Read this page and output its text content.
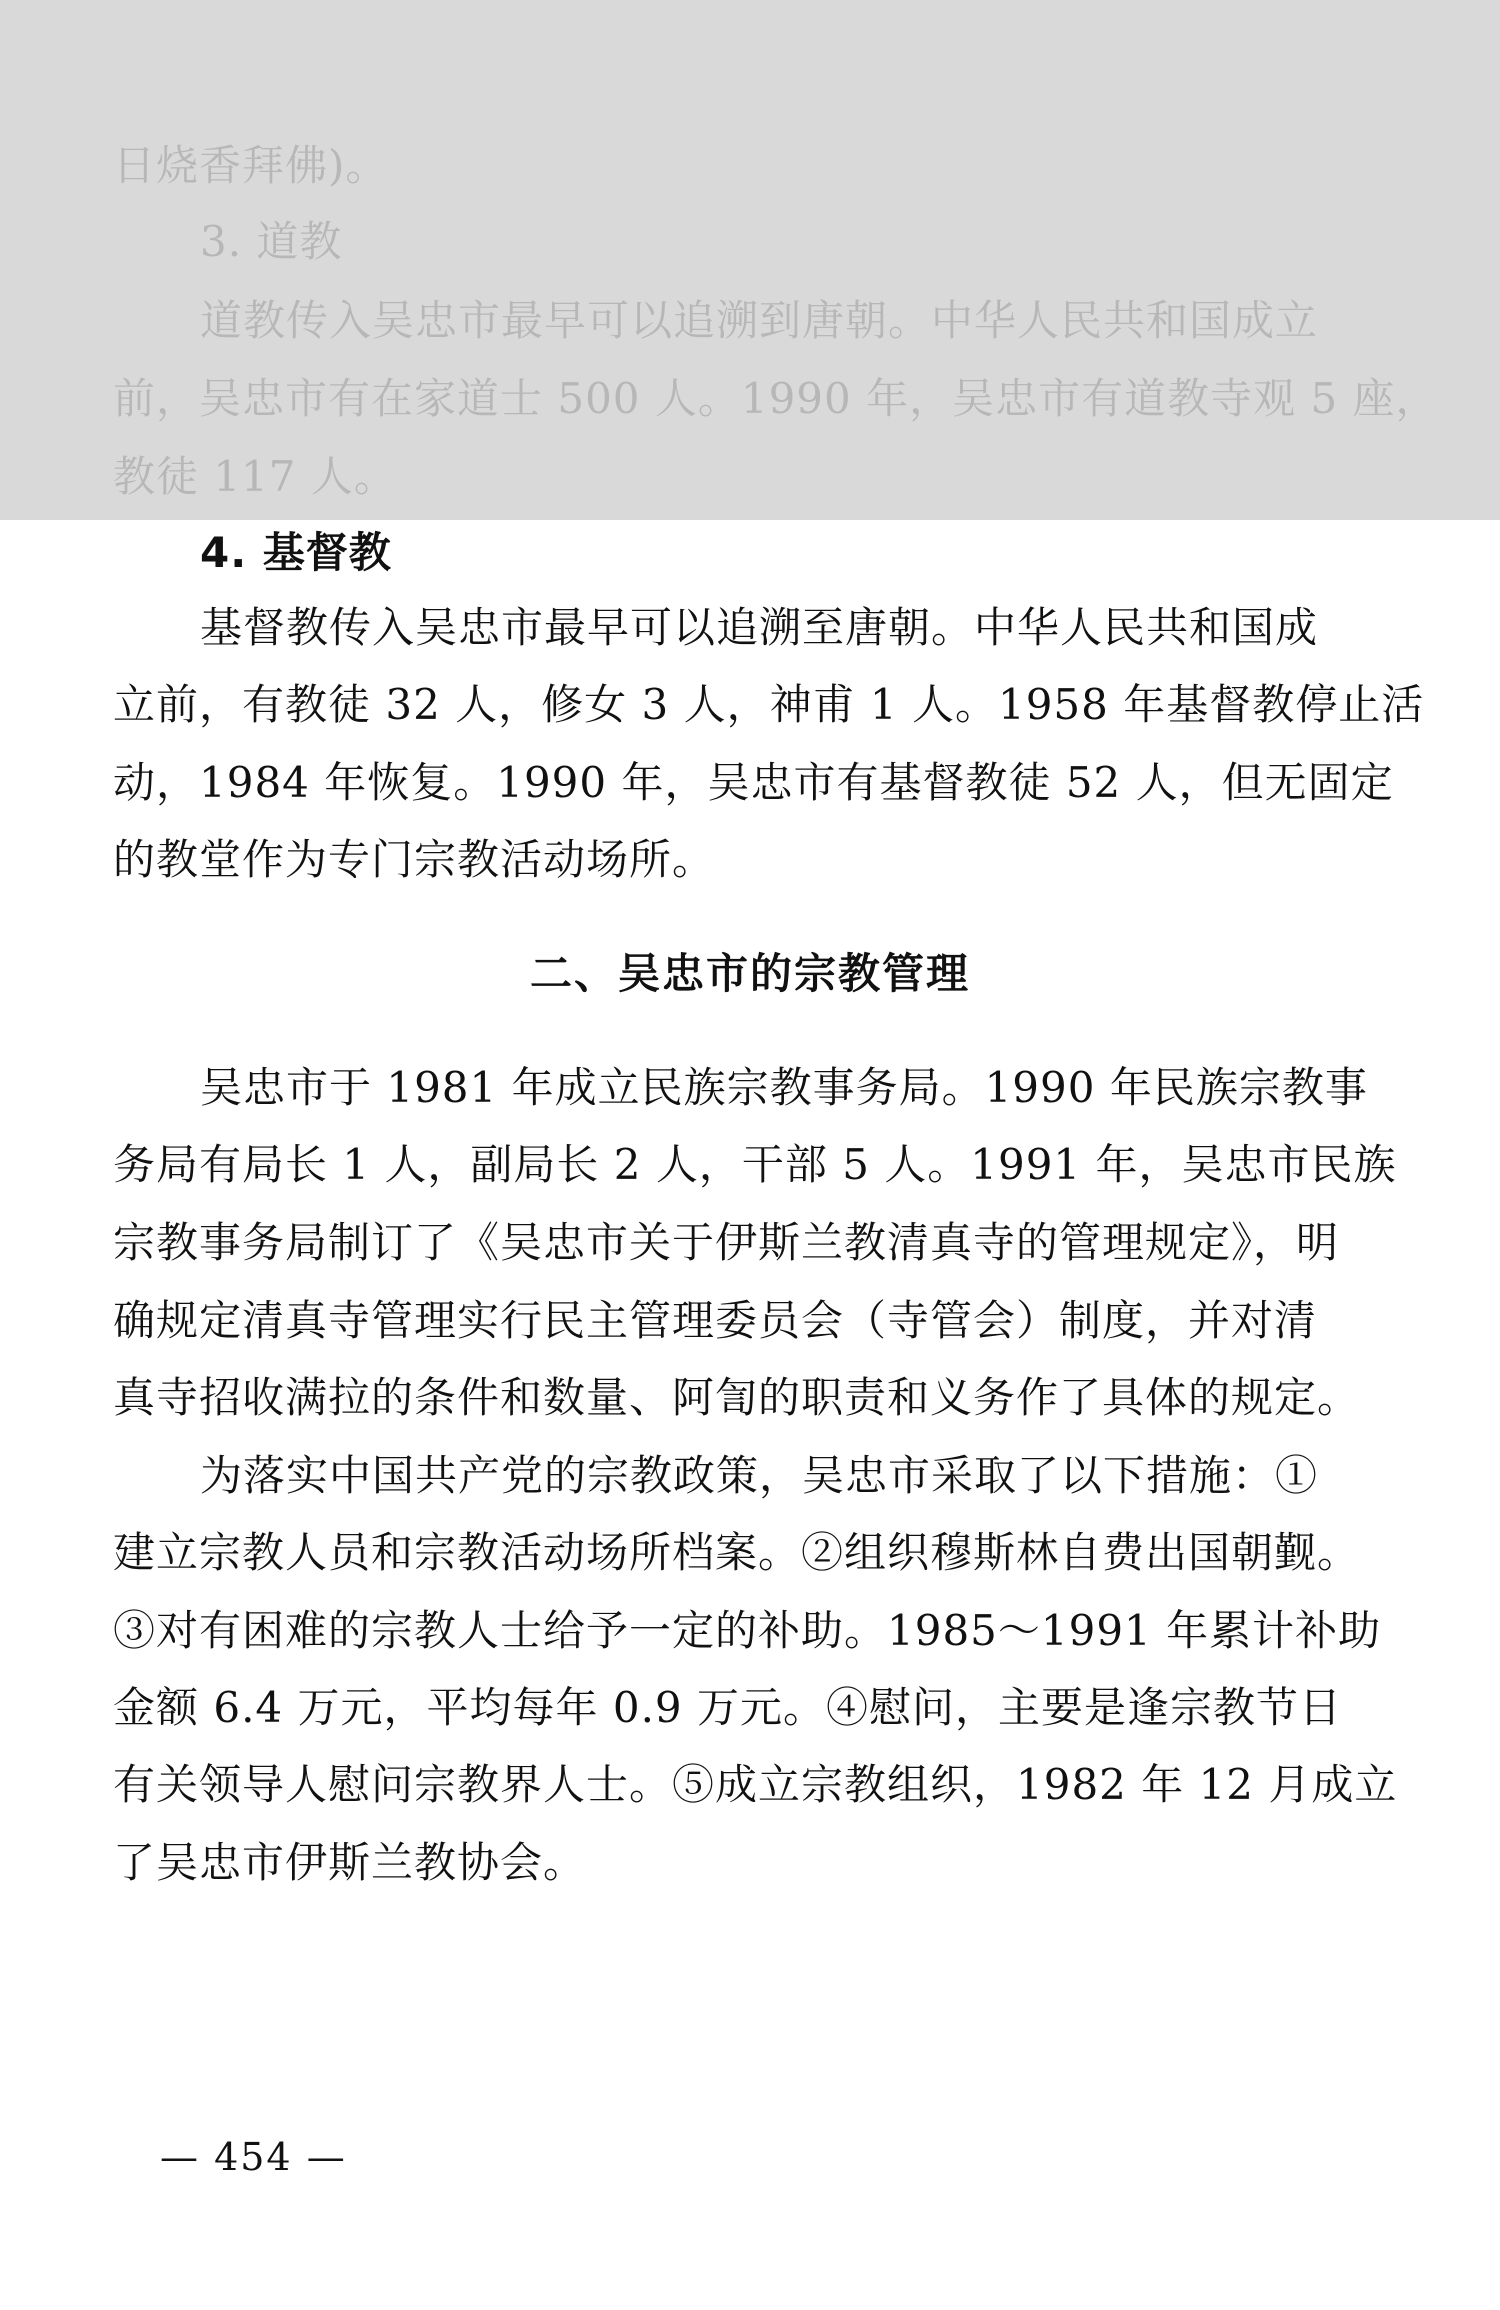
日烧香拜佛)。
3. 道教
道教传入吴忠市最早可以追溯到唐朝。中华人民共和国成立
前，吴忠市有在家道士 500 人。1990 年，吴忠市有道教寺观 5 座，
教徒 117 人。
4. 基督教
基督教传入吴忠市最早可以追溯至唐朝。中华人民共和国成
立前，有教徒 32 人，修女 3 人，神甫 1 人。1958 年基督教停止活
动，1984 年恢复。1990 年，吴忠市有基督教徒 52 人，但无固定
的教堂作为专门宗教活动场所。
二、吴忠市的宗教管理
吴忠市于 1981 年成立民族宗教事务局。1990 年民族宗教事
务局有局长 1 人，副局长 2 人，干部 5 人。1991 年，吴忠市民族
宗教事务局制订了《吴忠市关于伊斯兰教清真寺的管理规定》，明
确规定清真寺管理实行民主管理委员会（寺管会）制度，并对清
真寺招收满拉的条件和数量、阿訇的职责和义务作了具体的规定。
为落实中国共产党的宗教政策，吴忠市采取了以下措施：①
建立宗教人员和宗教活动场所档案。②组织穆斯林自费出国朝觐。
③对有困难的宗教人士给予一定的补助。1985～1991 年累计补助
金额 6.4 万元，平均每年 0.9 万元。④慰问，主要是逢宗教节日
有关领导人慰问宗教界人士。⑤成立宗教组织，1982 年 12 月成立
了吴忠市伊斯兰教协会。
— 454 —
